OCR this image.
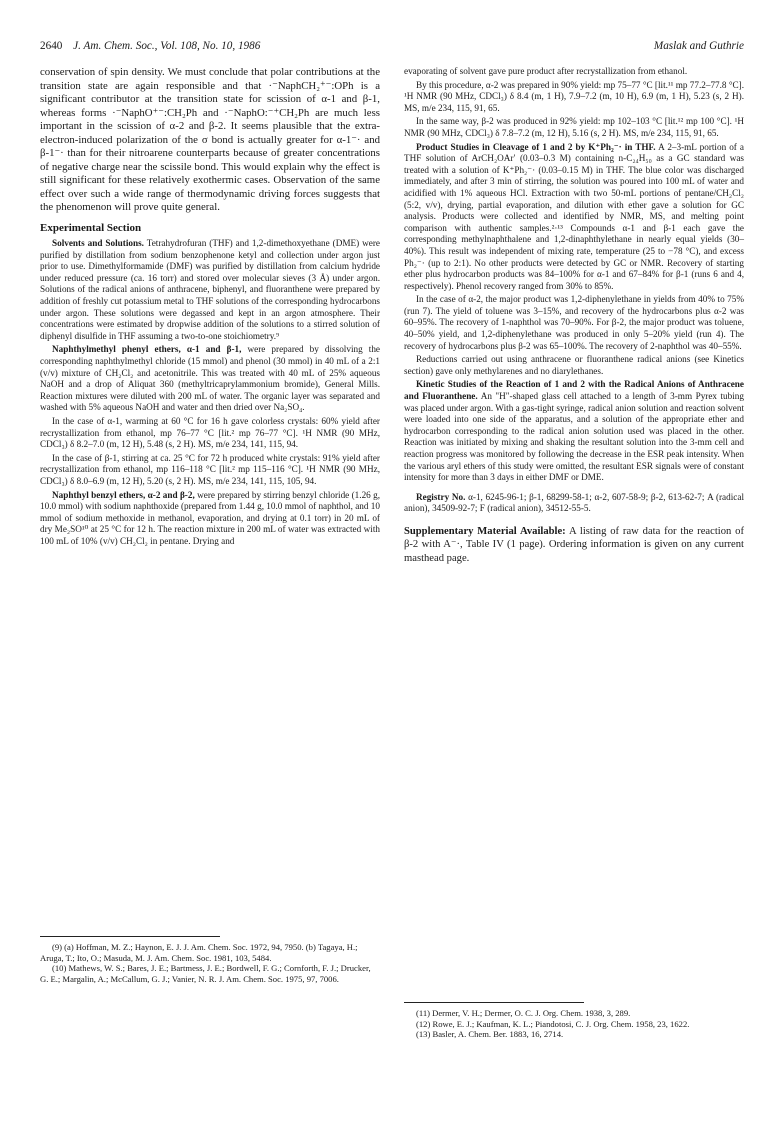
2640 J. Am. Chem. Soc., Vol. 108, No. 10, 1986	Maslak and Guthrie

conservation of spin density. We must conclude that polar contributions at the transition state are again responsible and that ·⁻NaphCH₂⁺⁻:OPh is a significant contributor at the transition state for scission of α-1 and β-1, whereas forms ·⁻NaphO⁺⁻:CH₂Ph and ·⁻NaphO:⁻⁺CH₂Ph are much less important in the scission of α-2 and β-2. It seems plausible that the extra-electron-induced polarization of the σ bond is actually greater for α-1⁻· and β-1⁻· than for their nitroarene counterparts because of greater concentrations of negative charge near the scissile bond. This would explain why the effect is still significant for these relatively exothermic cases. Observation of the same effect over such a wide range of thermodynamic driving forces suggests that the phenomenon will prove quite general.

Experimental Section

Solvents and Solutions. Tetrahydrofuran (THF) and 1,2-dimethoxyethane (DME) were purified by distillation from sodium benzophenone ketyl and collection under argon just prior to use. Dimethylformamide (DMF) was purified by distillation from calcium hydride under reduced pressure (ca. 16 torr) and stored over molecular sieves (3 Å) under argon. Solutions of the radical anions of anthracene, biphenyl, and fluoranthene were prepared by addition of freshly cut potassium metal to THF solutions of the corresponding hydrocarbons under argon. These solutions were degassed and kept in an argon atmosphere. Their concentrations were estimated by dropwise addition of the solutions to a stirred solution of diphenyl disulfide in THF assuming a two-to-one stoichiometry.⁹

Naphthylmethyl phenyl ethers, α-1 and β-1, were prepared by dissolving the corresponding naphthylmethyl chloride (15 mmol) and phenol (30 mmol) in 40 mL of a 2:1 (v/v) mixture of CH₂Cl₂ and acetonitrile. This was treated with 40 mL of 25% aqueous NaOH and a drop of Aliquat 360 (methyltricaprylammonium bromide), General Mills. Reaction mixtures were diluted with 200 mL of water. The organic layer was separated and washed with 5% aqueous NaOH and water and then dried over Na₂SO₄.

In the case of α-1, warming at 60 °C for 16 h gave colorless crystals: 60% yield after recrystallization from ethanol, mp 76–77 °C [lit.² mp 76–77 °C]. ¹H NMR (90 MHz, CDCl₃) δ 8.2–7.0 (m, 12 H), 5.48 (s, 2 H). MS, m/e 234, 141, 115, 94.

In the case of β-1, stirring at ca. 25 °C for 72 h produced white crystals: 91% yield after recrystallization from ethanol, mp 116–118 °C [lit.² mp 115–116 °C]. ¹H NMR (90 MHz, CDCl₃) δ 8.0–6.9 (m, 12 H), 5.20 (s, 2 H). MS, m/e 234, 141, 115, 105, 94.

Naphthyl benzyl ethers, α-2 and β-2, were prepared by stirring benzyl chloride (1.26 g, 10.0 mmol) with sodium naphthoxide (prepared from 1.44 g, 10.0 mmol of naphthol, and 10 mmol of sodium methoxide in methanol, evaporation, and drying at 0.1 torr) in 20 mL of dry Me₂SO¹⁰ at 25 °C for 12 h. The reaction mixture in 200 mL of water was extracted with 100 mL of 10% (v/v) CH₂Cl₂ in pentane. Drying and

(9) (a) Hoffman, M. Z.; Haynon, E. J. J. Am. Chem. Soc. 1972, 94, 7950. (b) Tagaya, H.; Aruga, T.; Ito, O.; Masuda, M. J. Am. Chem. Soc. 1981, 103, 5484.

(10) Mathews, W. S.; Bares, J. E.; Bartmess, J. E.; Bordwell, F. G.; Cornforth, F. J.; Drucker, G. E.; Margalin, A.; McCallum, G. J.; Vanier, N. R. J. Am. Chem. Soc. 1975, 97, 7006.

evaporating of solvent gave pure product after recrystallization from ethanol.

By this procedure, α-2 was prepared in 90% yield: mp 75–77 °C [lit.¹¹ mp 77.2–77.8 °C]. ¹H NMR (90 MHz, CDCl₃) δ 8.4 (m, 1 H), 7.9–7.2 (m, 10 H), 6.9 (m, 1 H), 5.23 (s, 2 H). MS, m/e 234, 115, 91, 65.

In the same way, β-2 was produced in 92% yield: mp 102–103 °C [lit.¹² mp 100 °C]. ¹H NMR (90 MHz, CDCl₃) δ 7.8–7.2 (m, 12 H), 5.16 (s, 2 H). MS, m/e 234, 115, 91, 65.

Product Studies in Cleavage of 1 and 2 by K⁺Ph₂⁻· in THF. A 2–3-mL portion of a THF solution of ArCH₂OAr′ (0.03–0.3 M) containing n-C₂₄H₅₀ as a GC standard was treated with a solution of K⁺Ph₂⁻· (0.03–0.15 M) in THF. The blue color was discharged immediately, and after 3 min of stirring, the solution was poured into 100 mL of water and acidified with 1% aqueous HCl. Extraction with two 50-mL portions of pentane/CH₂Cl₂ (5:2, v/v), drying, partial evaporation, and dilution with ether gave a solution for GC analysis. Products were collected and identified by NMR, MS, and melting point comparison with authentic samples.²·¹³ Compounds α-1 and β-1 each gave the corresponding methylnaphthalene and 1,2-dinaphthylethane in nearly equal yields (30–40%). This result was independent of mixing rate, temperature (25 to −78 °C), and excess Ph₂⁻· (up to 2:1). No other products were detected by GC or NMR. Recovery of starting ether plus hydrocarbon products was 84–100% for α-1 and 67–84% for β-1 (runs 6 and 4, respectively). Phenol recovery ranged from 30% to 85%.

In the case of α-2, the major product was 1,2-diphenylethane in yields from 40% to 75% (run 7). The yield of toluene was 3–15%, and recovery of the hydrocarbons plus α-2 was 60–95%. The recovery of 1-naphthol was 70–90%. For β-2, the major product was toluene, 40–50% yield, and 1,2-diphenylethane was produced in only 5–20% yield (run 4). The recovery of hydrocarbons plus β-2 was 65–100%. The recovery of 2-naphthol was 40–55%.

Reductions carried out using anthracene or fluoranthene radical anions (see Kinetics section) gave only methylarenes and no diarylethanes.

Kinetic Studies of the Reaction of 1 and 2 with the Radical Anions of Anthracene and Fluoranthene. An "H"-shaped glass cell attached to a length of 3-mm Pyrex tubing was placed under argon. With a gas-tight syringe, radical anion solution and reaction solvent were loaded into one side of the apparatus, and a solution of the appropriate ether and hydrocarbon corresponding to the radical anion solution used was placed in the other. Reaction was initiated by mixing and shaking the resultant solution into the 3-mm cell and reaction progress was monitored by following the decrease in the ESR peak intensity. When the various aryl ethers of this study were omitted, the resultant ESR signals were of constant intensity for more than 3 days in either DMF or DME.

Registry No. α-1, 6245-96-1; β-1, 68299-58-1; α-2, 607-58-9; β-2, 613-62-7; A (radical anion), 34509-92-7; F (radical anion), 34512-55-5.

Supplementary Material Available: A listing of raw data for the reaction of β-2 with A⁻·, Table IV (1 page). Ordering information is given on any current masthead page.

(11) Dermer, V. H.; Dermer, O. C. J. Org. Chem. 1938, 3, 289.

(12) Rowe, E. J.; Kaufman, K. L.; Piandotosi, C. J. Org. Chem. 1958, 23, 1622.

(13) Basler, A. Chem. Ber. 1883, 16, 2714.
